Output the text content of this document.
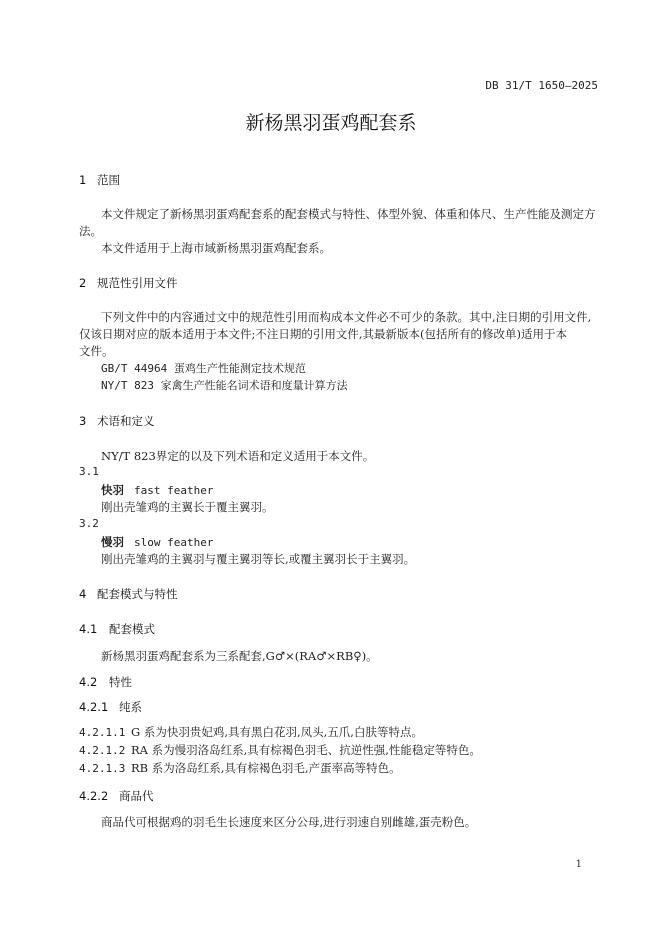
DB 31/T 1650—2025
新杨黑羽蛋鸡配套系
1 范围
本文件规定了新杨黑羽蛋鸡配套系的配套模式与特性、体型外貌、体重和体尺、生产性能及测定方
法。
本文件适用于上海市域新杨黑羽蛋鸡配套系。
2 规范性引用文件
下列文件中的内容通过文中的规范性引用而构成本文件必不可少的条款。其中,注日期的引用文件,
仅该日期对应的版本适用于本文件;不注日期的引用文件,其最新版本(包括所有的修改单)适用于本
文件。
GB/T 44964 蛋鸡生产性能测定技术规范
NY/T 823 家禽生产性能名词术语和度量计算方法
3 术语和定义
NY/T 823界定的以及下列术语和定义适用于本文件。
3.1
快羽 fast feather
刚出壳雏鸡的主翼长于覆主翼羽。
3.2
慢羽 slow feather
刚出壳雏鸡的主翼羽与覆主翼羽等长,或覆主翼羽长于主翼羽。
4 配套模式与特性
4.1 配套模式
新杨黑羽蛋鸡配套系为三系配套,G♂×(RA♂×RB♀)。
4.2 特性
4.2.1 纯系
4.2.1.1 G 系为快羽贵妃鸡,具有黑白花羽,凤头,五爪,白肤等特点。
4.2.1.2 RA 系为慢羽洛岛红系,具有棕褐色羽毛、抗逆性强,性能稳定等特色。
4.2.1.3 RB 系为洛岛红系,具有棕褐色羽毛,产蛋率高等特色。
4.2.2 商品代
商品代可根据鸡的羽毛生长速度来区分公母,进行羽速自别雌雄,蛋壳粉色。
1
